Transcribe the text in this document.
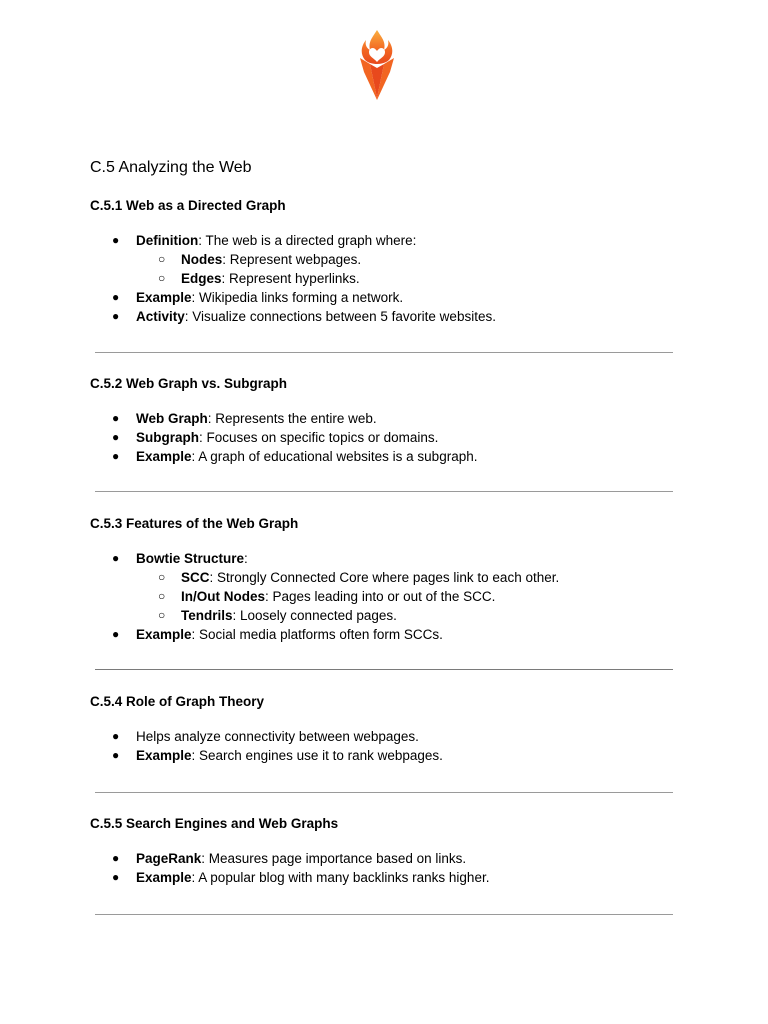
C.5 Analyzing the Web
C.5.1 Web as a Directed Graph
● Definition: The web is a directed graph where:
○ Nodes: Represent webpages.
○ Edges: Represent hyperlinks.
● Example: Wikipedia links forming a network.
● Activity: Visualize connections between 5 favorite websites.
C.5.2 Web Graph vs. Subgraph
● Web Graph: Represents the entire web.
● Subgraph: Focuses on specific topics or domains.
● Example: A graph of educational websites is a subgraph.
C.5.3 Features of the Web Graph
● Bowtie Structure:
○ SCC: Strongly Connected Core where pages link to each other.
○ In/Out Nodes: Pages leading into or out of the SCC.
○ Tendrils: Loosely connected pages.
● Example: Social media platforms often form SCCs.
C.5.4 Role of Graph Theory
● Helps analyze connectivity between webpages.
● Example: Search engines use it to rank webpages.
C.5.5 Search Engines and Web Graphs
● PageRank: Measures page importance based on links.
● Example: A popular blog with many backlinks ranks higher.
